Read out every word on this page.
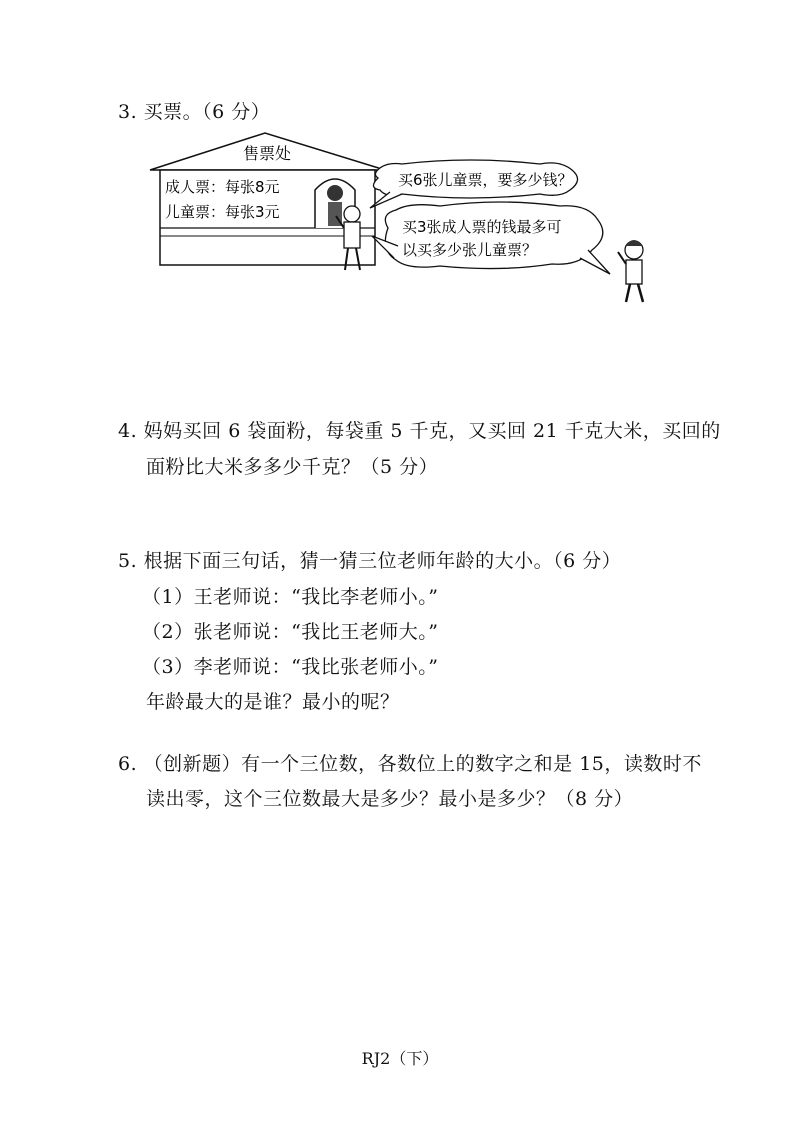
3. 买票。（6 分）
售票处
成人票：每张8元
儿童票：每张3元
买6张儿童票，要多少钱？
买3张成人票的钱最多可
以买多少张儿童票？
4. 妈妈买回 6 袋面粉，每袋重 5 千克，又买回 21 千克大米，买回的
面粉比大米多多少千克？（5 分）
5. 根据下面三句话，猜一猜三位老师年龄的大小。（6 分）
（1）王老师说：“我比李老师小。”
（2）张老师说：“我比王老师大。”
（3）李老师说：“我比张老师小。”
年龄最大的是谁？最小的呢？
6. （创新题）有一个三位数，各数位上的数字之和是 15，读数时不
读出零，这个三位数最大是多少？最小是多少？（8 分）
RJ2（下）
